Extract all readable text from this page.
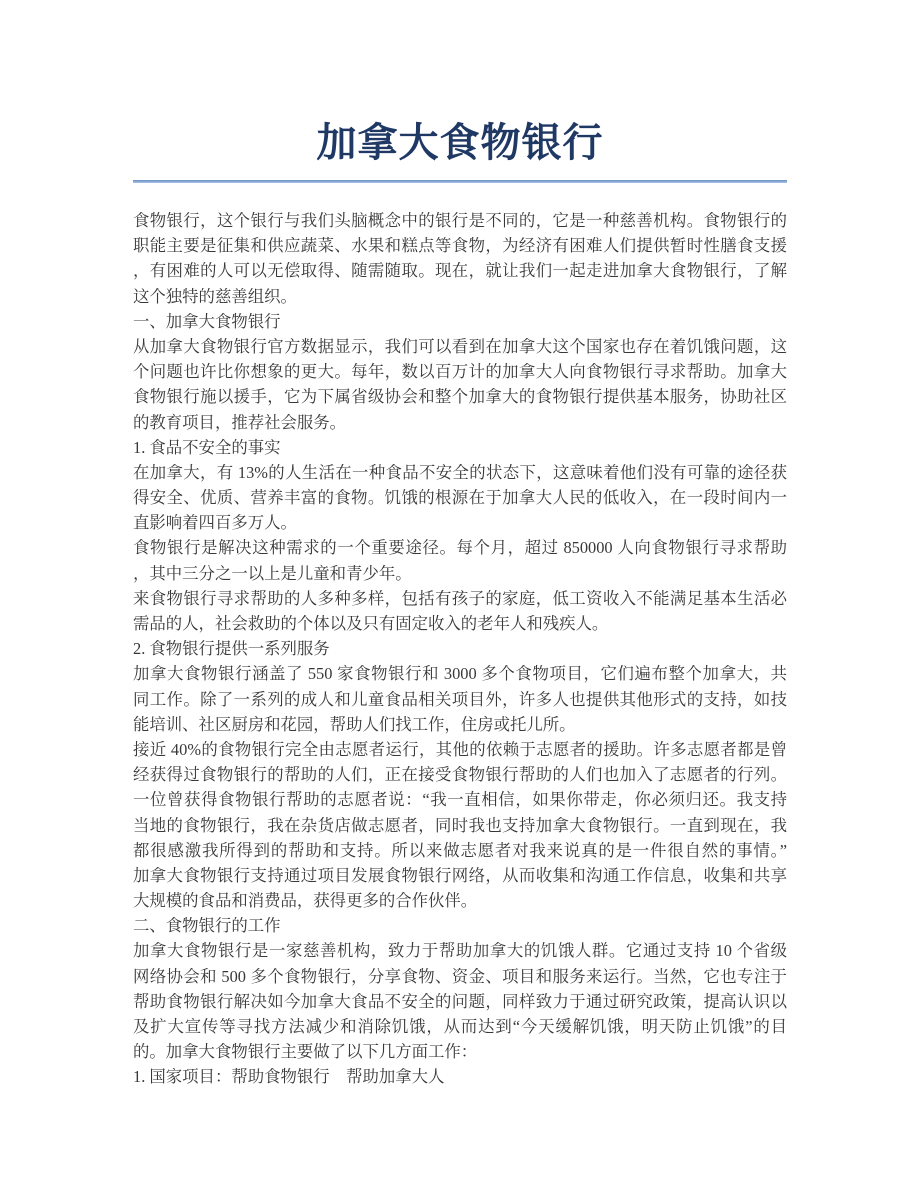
加拿大食物银行
食物银行，这个银行与我们头脑概念中的银行是不同的，它是一种慈善机构。食物银行的
职能主要是征集和供应蔬菜、水果和糕点等食物，为经济有困难人们提供暂时性膳食支援
，有困难的人可以无偿取得、随需随取。现在，就让我们一起走进加拿大食物银行，了解
这个独特的慈善组织。
一、加拿大食物银行
从加拿大食物银行官方数据显示，我们可以看到在加拿大这个国家也存在着饥饿问题，这
个问题也许比你想象的更大。每年，数以百万计的加拿大人向食物银行寻求帮助。加拿大
食物银行施以援手，它为下属省级协会和整个加拿大的食物银行提供基本服务，协助社区
的教育项目，推荐社会服务。
1. 食品不安全的事实
在加拿大，有 13%的人生活在一种食品不安全的状态下，这意味着他们没有可靠的途径获
得安全、优质、营养丰富的食物。饥饿的根源在于加拿大人民的低收入，在一段时间内一
直影响着四百多万人。
食物银行是解决这种需求的一个重要途径。每个月，超过 850000 人向食物银行寻求帮助
，其中三分之一以上是儿童和青少年。
来食物银行寻求帮助的人多种多样，包括有孩子的家庭，低工资收入不能满足基本生活必
需品的人，社会救助的个体以及只有固定收入的老年人和残疾人。
2. 食物银行提供一系列服务
加拿大食物银行涵盖了 550 家食物银行和 3000 多个食物项目，它们遍布整个加拿大，共
同工作。除了一系列的成人和儿童食品相关项目外，许多人也提供其他形式的支持，如技
能培训、社区厨房和花园，帮助人们找工作，住房或托儿所。
接近 40%的食物银行完全由志愿者运行，其他的依赖于志愿者的援助。许多志愿者都是曾
经获得过食物银行的帮助的人们，正在接受食物银行帮助的人们也加入了志愿者的行列。
一位曾获得食物银行帮助的志愿者说：“我一直相信，如果你带走，你必须归还。我支持
当地的食物银行，我在杂货店做志愿者，同时我也支持加拿大食物银行。一直到现在，我
都很感激我所得到的帮助和支持。所以来做志愿者对我来说真的是一件很自然的事情。”
加拿大食物银行支持通过项目发展食物银行网络，从而收集和沟通工作信息，收集和共享
大规模的食品和消费品，获得更多的合作伙伴。
二、食物银行的工作
加拿大食物银行是一家慈善机构，致力于帮助加拿大的饥饿人群。它通过支持 10 个省级
网络协会和 500 多个食物银行，分享食物、资金、项目和服务来运行。当然，它也专注于
帮助食物银行解决如今加拿大食品不安全的问题，同样致力于通过研究政策，提高认识以
及扩大宣传等寻找方法减少和消除饥饿，从而达到“今天缓解饥饿，明天防止饥饿”的目
的。加拿大食物银行主要做了以下几方面工作：
1. 国家项目：帮助食物银行　帮助加拿大人
